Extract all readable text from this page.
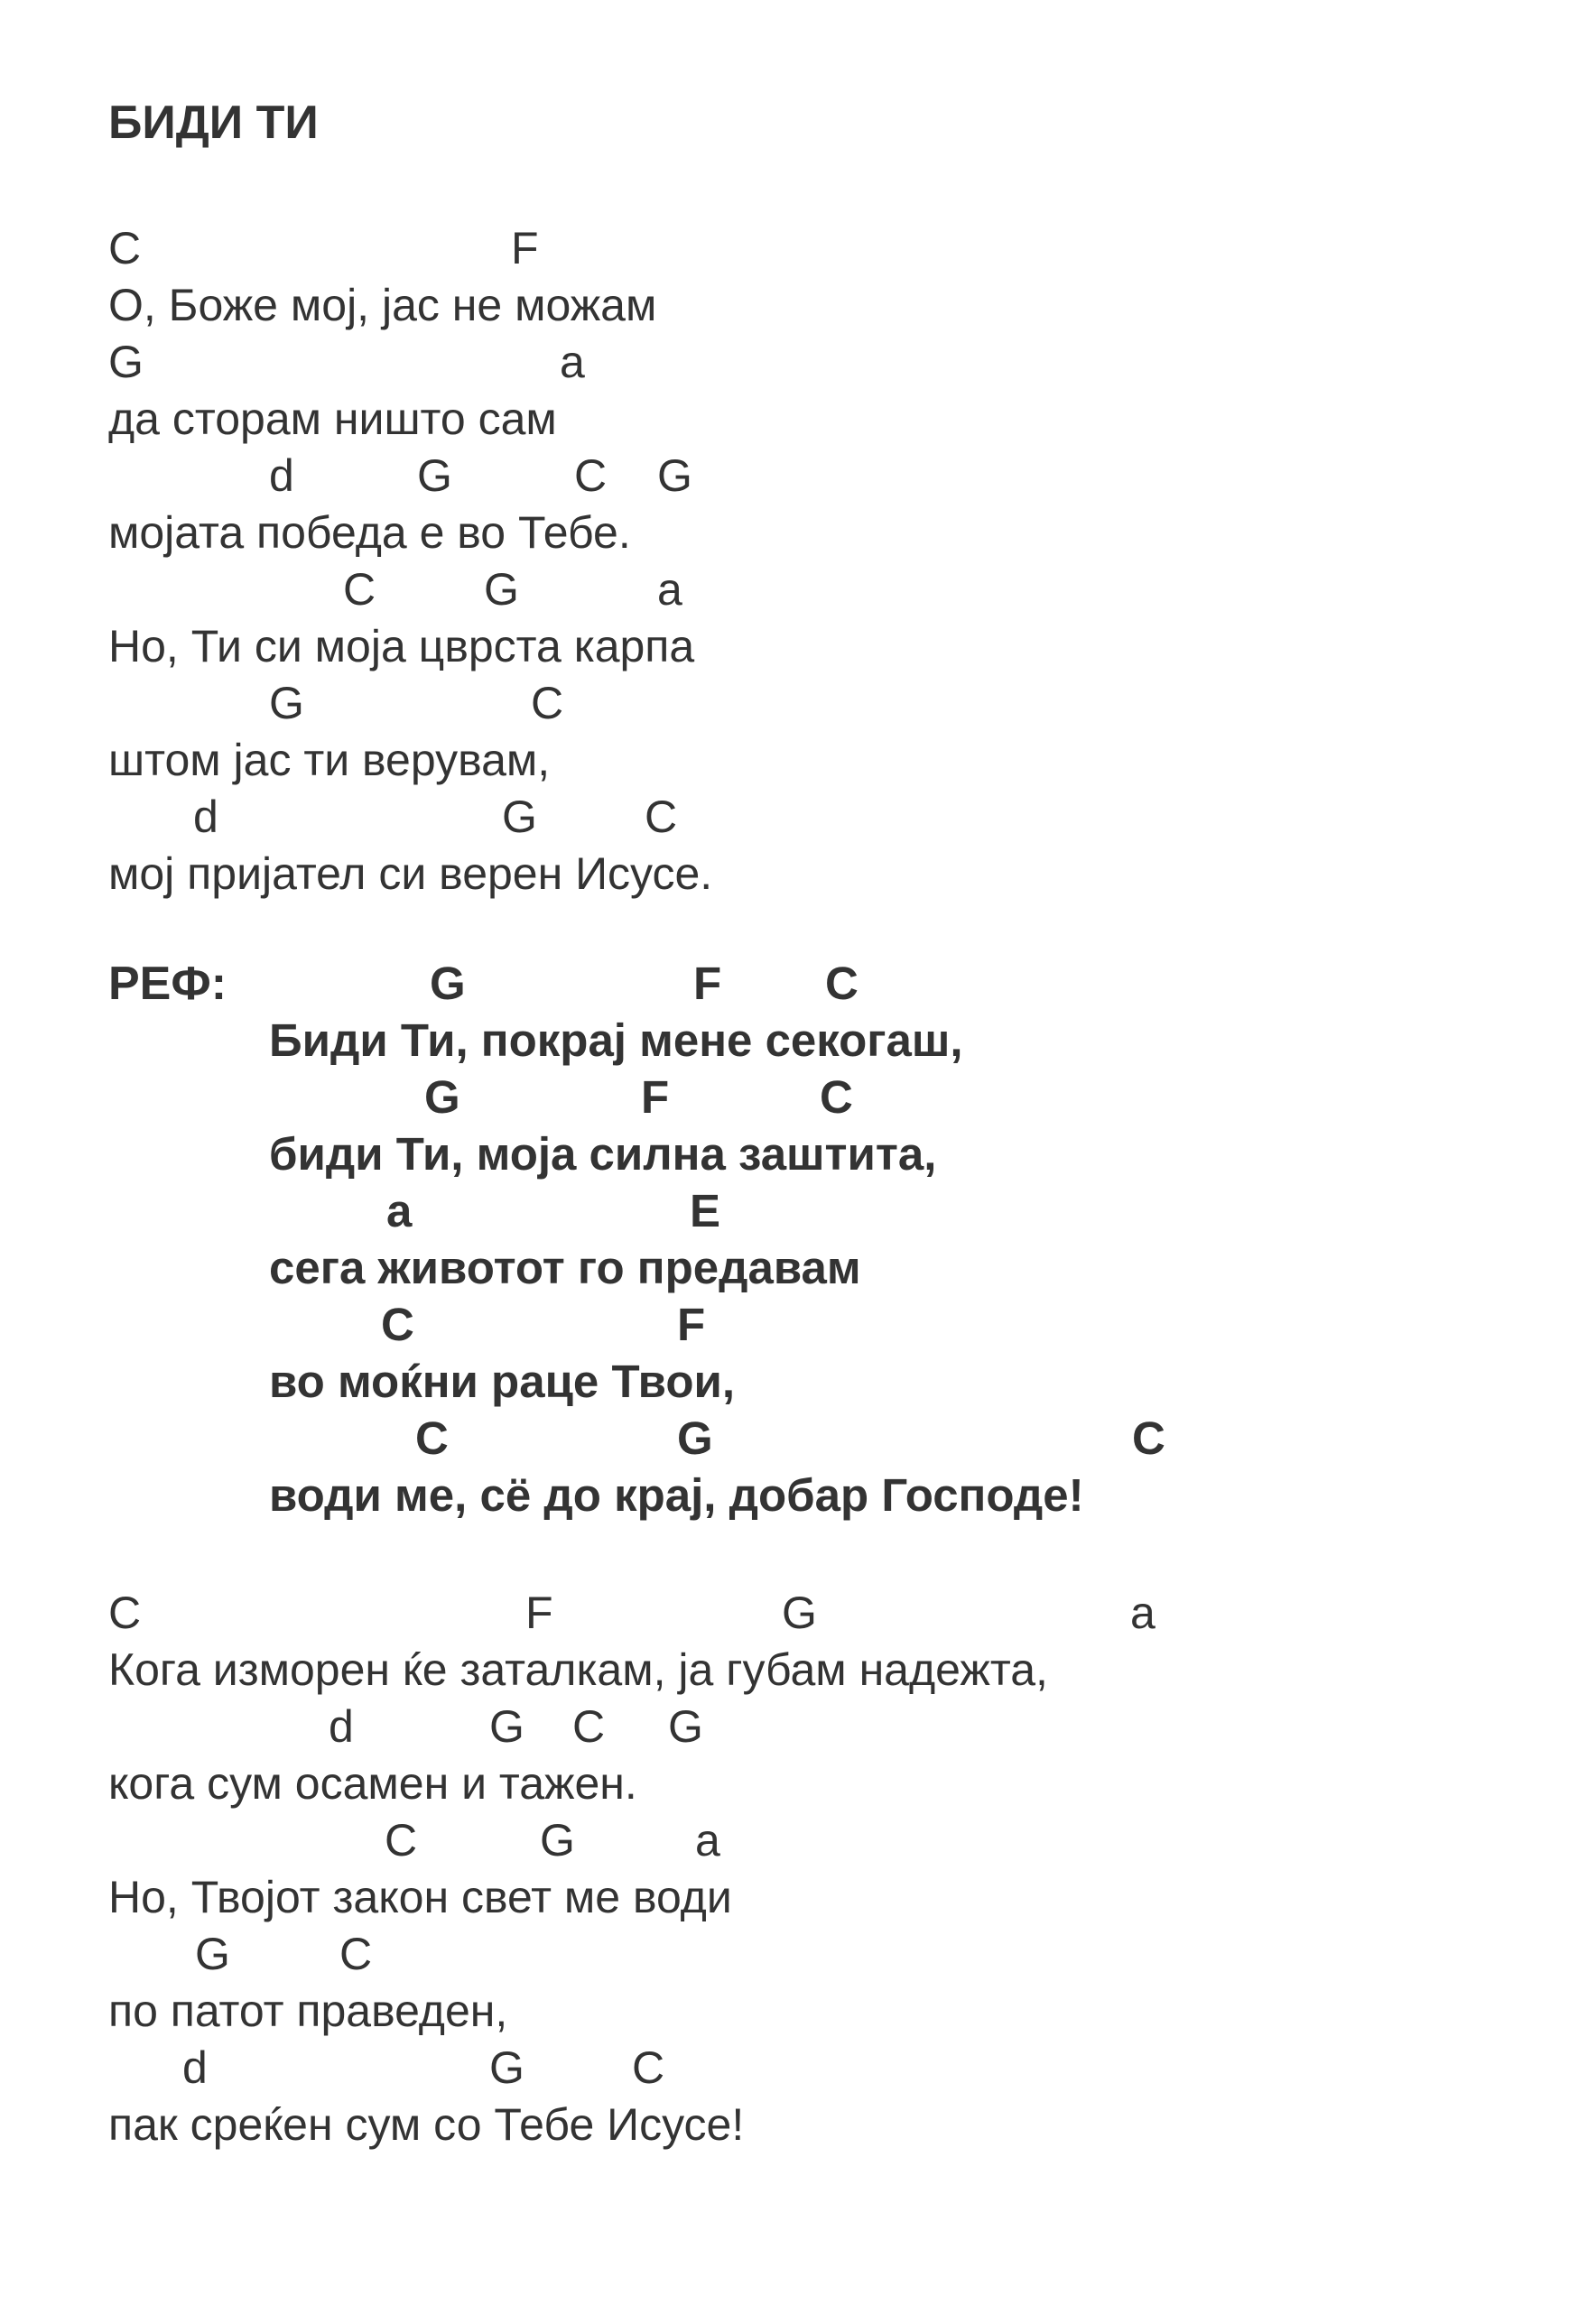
БИДИ ТИ

C

	F

О, Боже мој, јас не можам

G

	a

да сторам ништо сам

d

	G

	C

G

мојата победа е во Тебе.

C

G

	a

Но, Ти си моја цврста карпа

G

	C

штом јас ти верувам,

d

	G

C

мој пријател си верен Исусе.
РЕФ:

	G

	F

C

Биди Ти, покрај мене секогаш,

G

	F

	C

биди Ти, моја силна заштита,

a

	E

сега животот го предавам

C

	F

во моќни раце Твои,

C

	G

	C

води ме, сё до крај, добар Господе!

C

	F

	G

	a

Кога изморен ќе заталкам, ја губам надежта,

d

	G

C

G

кога сум осамен и тажен.

C

	G

	a

Но, Твојот закон свет ме води

G

C

по патот праведен,

d

	G

C

пак срeќен сум со Тебе Исусе!
